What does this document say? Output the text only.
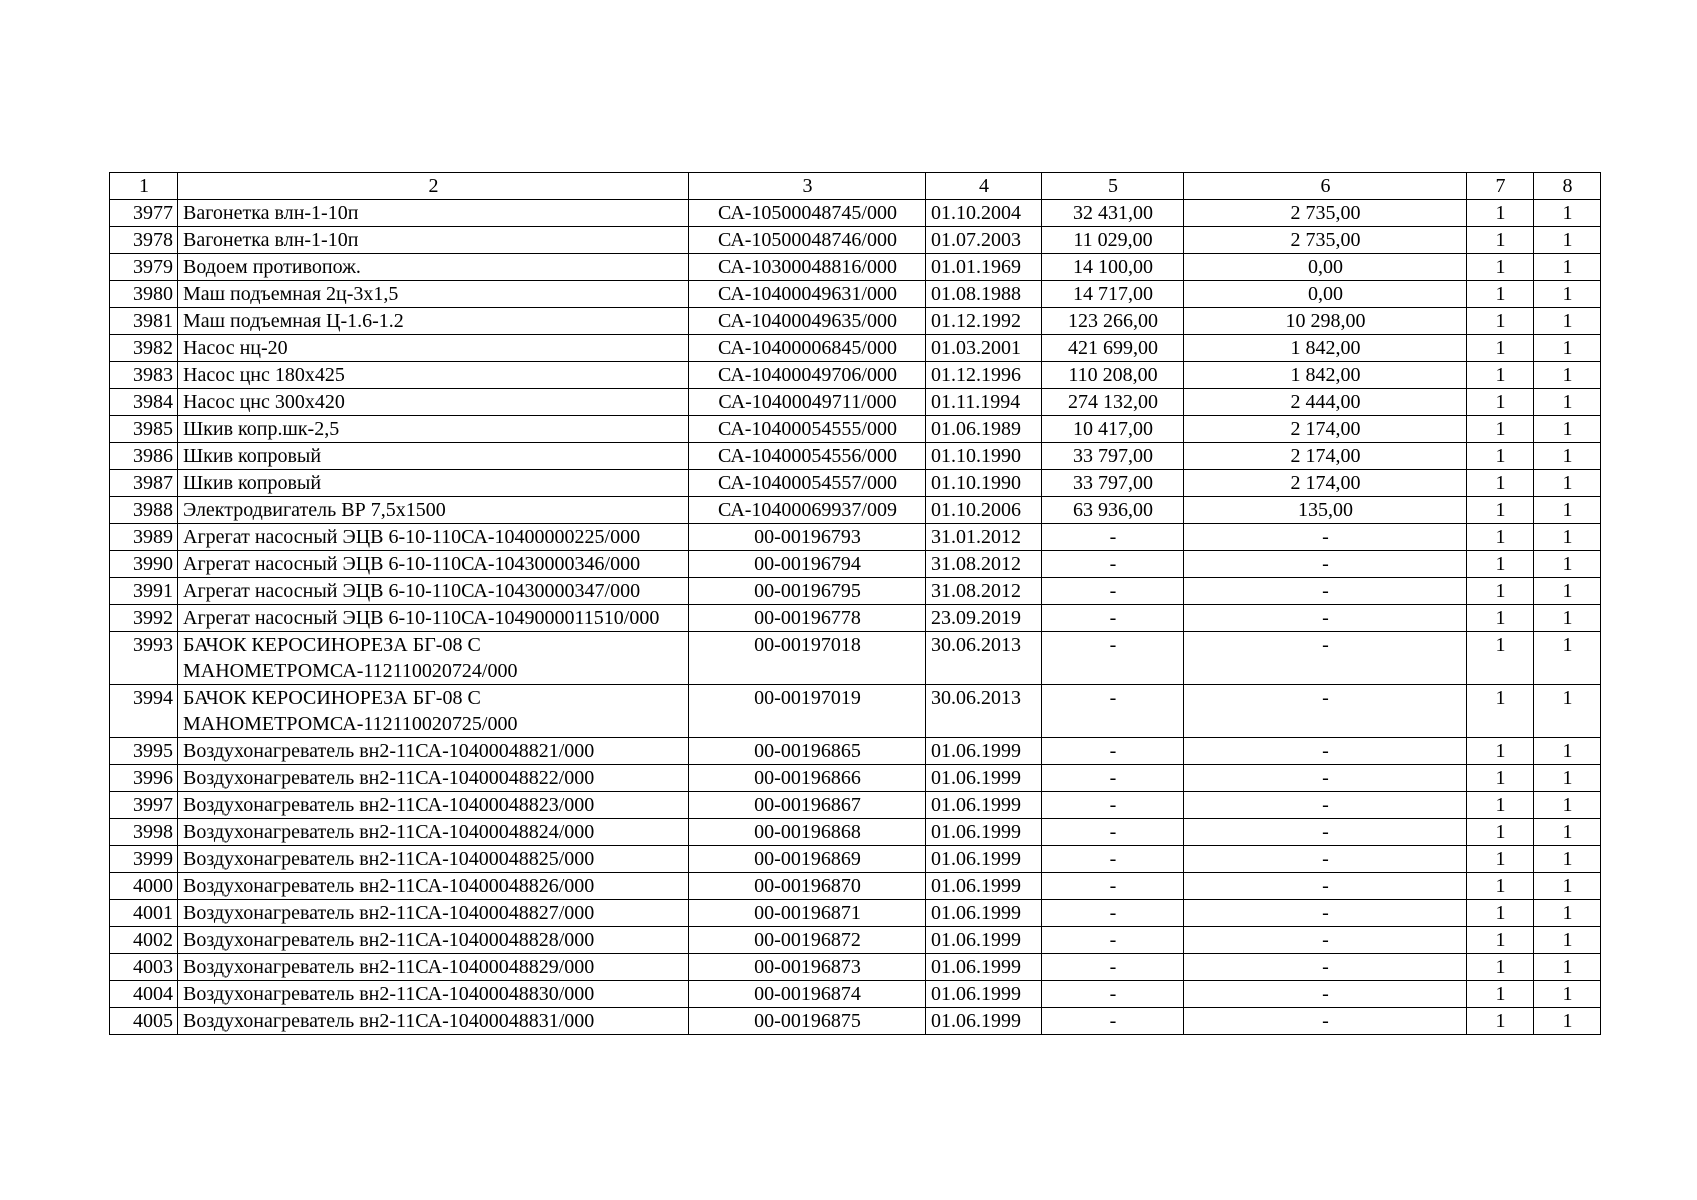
1	2	3	4	5	6	7	8
3977	Вагонетка влн-1-10п	СА-10500048745/000	01.10.2004	32 431,00	2 735,00	1	1
3978	Вагонетка влн-1-10п	СА-10500048746/000	01.07.2003	11 029,00	2 735,00	1	1
3979	Водоем противопож.	СА-10300048816/000	01.01.1969	14 100,00	0,00	1	1
3980	Маш подъемная 2ц-3х1,5	СА-10400049631/000	01.08.1988	14 717,00	0,00	1	1
3981	Маш подъемная Ц-1.6-1.2	СА-10400049635/000	01.12.1992	123 266,00	10 298,00	1	1
3982	Насос нц-20	СА-10400006845/000	01.03.2001	421 699,00	1 842,00	1	1
3983	Насос цнс 180х425	СА-10400049706/000	01.12.1996	110 208,00	1 842,00	1	1
3984	Насос цнс 300х420	СА-10400049711/000	01.11.1994	274 132,00	2 444,00	1	1
3985	Шкив копр.шк-2,5	СА-10400054555/000	01.06.1989	10 417,00	2 174,00	1	1
3986	Шкив копровый	СА-10400054556/000	01.10.1990	33 797,00	2 174,00	1	1
3987	Шкив копровый	СА-10400054557/000	01.10.1990	33 797,00	2 174,00	1	1
3988	Электродвигатель ВР 7,5х1500	СА-10400069937/009	01.10.2006	63 936,00	135,00	1	1
3989	Агрегат насосный ЭЦВ 6-10-110СА-10400000225/000	00-00196793	31.01.2012	-	-	1	1
3990	Агрегат насосный ЭЦВ 6-10-110СА-10430000346/000	00-00196794	31.08.2012	-	-	1	1
3991	Агрегат насосный ЭЦВ 6-10-110СА-10430000347/000	00-00196795	31.08.2012	-	-	1	1
3992	Агрегат насосный ЭЦВ 6-10-110СА-1049000011510/000	00-00196778	23.09.2019	-	-	1	1
3993	БАЧОК КЕРОСИНОРЕЗА БГ-08 С МАНОМЕТРОМСА-112110020724/000	00-00197018	30.06.2013	-	-	1	1
3994	БАЧОК КЕРОСИНОРЕЗА БГ-08 С МАНОМЕТРОМСА-112110020725/000	00-00197019	30.06.2013	-	-	1	1
3995	Воздухонагреватель вн2-11СА-10400048821/000	00-00196865	01.06.1999	-	-	1	1
3996	Воздухонагреватель вн2-11СА-10400048822/000	00-00196866	01.06.1999	-	-	1	1
3997	Воздухонагреватель вн2-11СА-10400048823/000	00-00196867	01.06.1999	-	-	1	1
3998	Воздухонагреватель вн2-11СА-10400048824/000	00-00196868	01.06.1999	-	-	1	1
3999	Воздухонагреватель вн2-11СА-10400048825/000	00-00196869	01.06.1999	-	-	1	1
4000	Воздухонагреватель вн2-11СА-10400048826/000	00-00196870	01.06.1999	-	-	1	1
4001	Воздухонагреватель вн2-11СА-10400048827/000	00-00196871	01.06.1999	-	-	1	1
4002	Воздухонагреватель вн2-11СА-10400048828/000	00-00196872	01.06.1999	-	-	1	1
4003	Воздухонагреватель вн2-11СА-10400048829/000	00-00196873	01.06.1999	-	-	1	1
4004	Воздухонагреватель вн2-11СА-10400048830/000	00-00196874	01.06.1999	-	-	1	1
4005	Воздухонагреватель вн2-11СА-10400048831/000	00-00196875	01.06.1999	-	-	1	1
